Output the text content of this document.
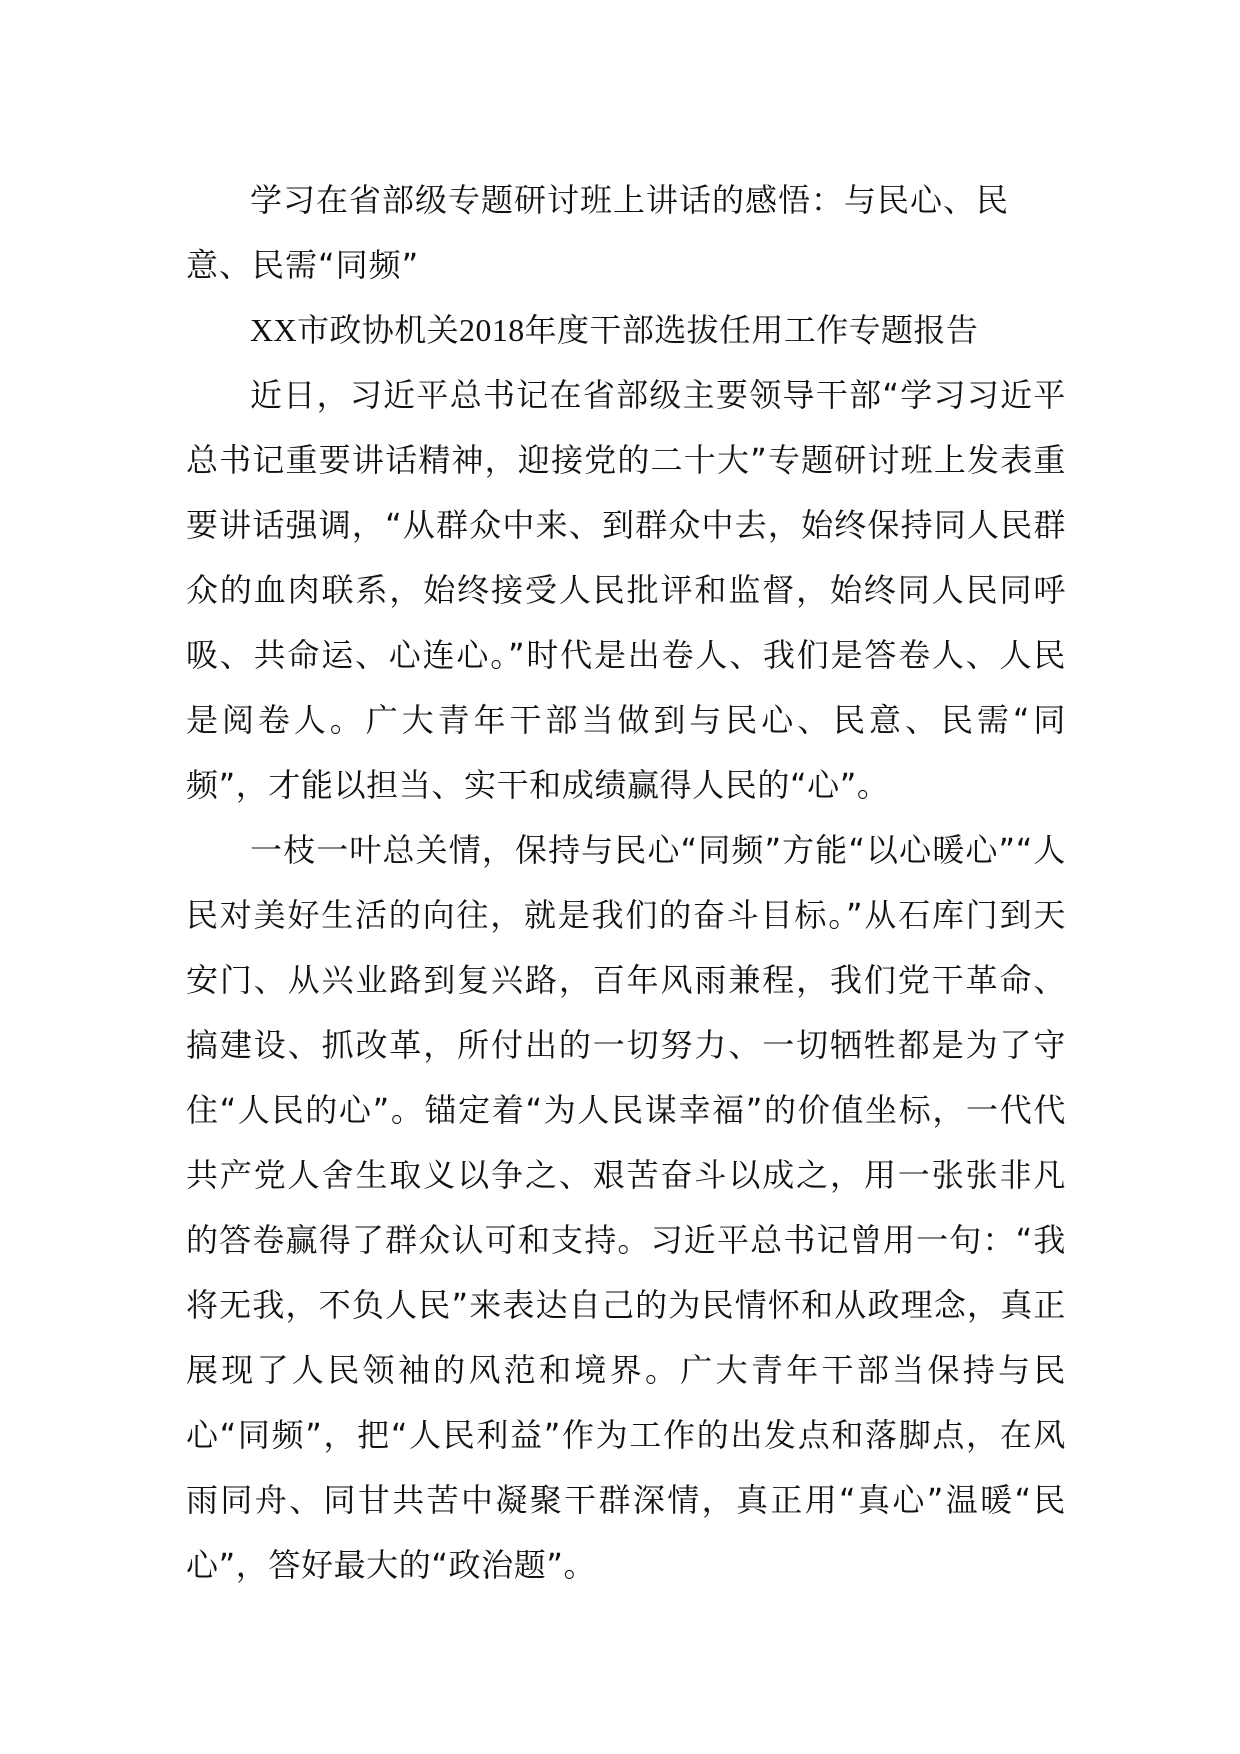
学习在省部级专题研讨班上讲话的感悟：与民心、民意、民需“同频”

XX市政协机关2018年度干部选拔任用工作专题报告

近日，习近平总书记在省部级主要领导干部“学习习近平总书记重要讲话精神，迎接党的二十大”专题研讨班上发表重要讲话强调，“从群众中来、到群众中去，始终保持同人民群众的血肉联系，始终接受人民批评和监督，始终同人民同呼吸、共命运、心连心。”时代是出卷人、我们是答卷人、人民是阅卷人。广大青年干部当做到与民心、民意、民需“同频”，才能以担当、实干和成绩赢得人民的“心”。

一枝一叶总关情，保持与民心“同频”方能“以心暖心”“人民对美好生活的向往，就是我们的奋斗目标。”从石库门到天安门、从兴业路到复兴路，百年风雨兼程，我们党干革命、搞建设、抓改革，所付出的一切努力、一切牺牲都是为了守住“人民的心”。锚定着“为人民谋幸福”的价值坐标，一代代共产党人舍生取义以争之、艰苦奋斗以成之，用一张张非凡的答卷赢得了群众认可和支持。习近平总书记曾用一句：“我将无我，不负人民”来表达自己的为民情怀和从政理念，真正展现了人民领袖的风范和境界。广大青年干部当保持与民心“同频”，把“人民利益”作为工作的出发点和落脚点，在风雨同舟、同甘共苦中凝聚干群深情，真正用“真心”温暖“民心”，答好最大的“政治题”。
